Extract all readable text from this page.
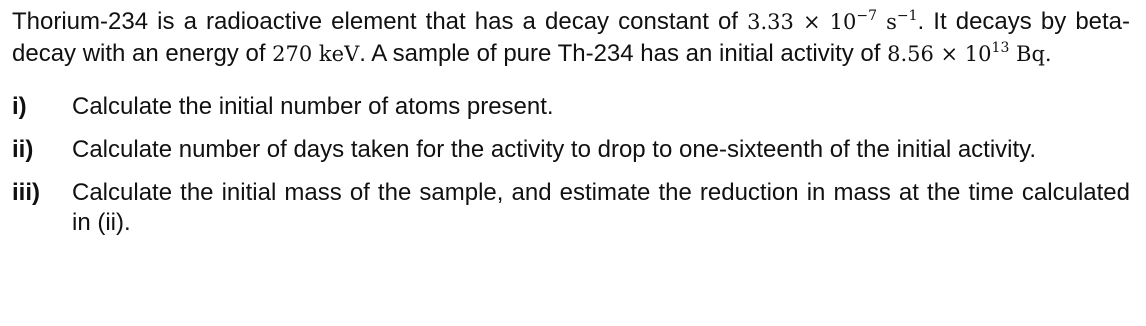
Thorium-234 is a radioactive element that has a decay constant of $3.33 \times 10^{-7}$ $s^{-1}$. It decays by beta-decay with an energy of 270 keV. A sample of pure Th-234 has an initial activity of $8.56 \times 10^{13}$ Bq.

i)	Calculate the initial number of atoms present.
ii)	Calculate number of days taken for the activity to drop to one-sixteenth of the initial activity.
iii)	Calculate the initial mass of the sample, and estimate the reduction in mass at the time calculated in (ii).
